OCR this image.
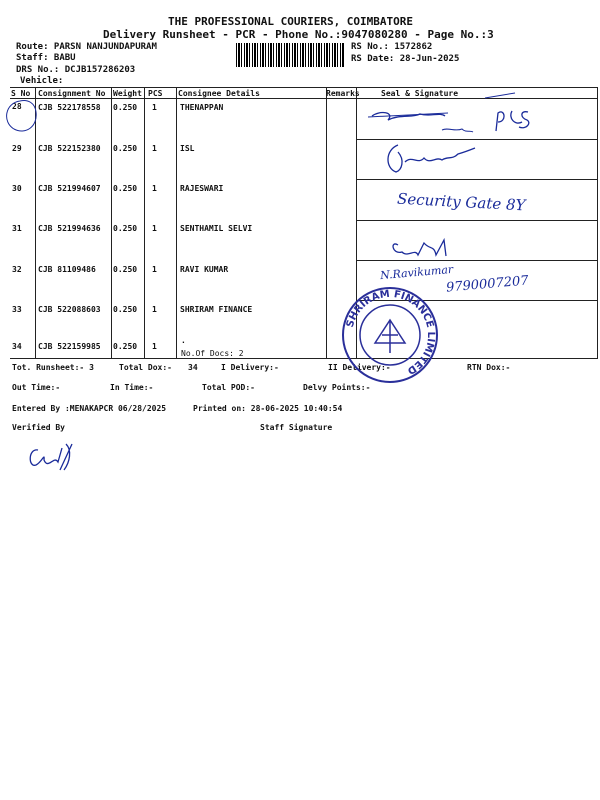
THE PROFESSIONAL COURIERS, COIMBATORE
Delivery Runsheet - PCR - Phone No.:9047080280 - Page No.:3
Route: PARSN NANJUNDAPURAM
Staff: BABU
DRS No.: DCJB157286203
Vehicle:
RS No.: 1572862
RS Date: 28-Jun-2025
S No Consignment No Weight PCS Consignee Details	Remarks	Seal & Signature
28 CJB 522178558 0.250 1	THENAPPAN
29 CJB 522152380 0.250 1	ISL
30 CJB 521994607 0.250 1	RAJESWARI
31 CJB 521994636 0.250 1	SENTHAMIL SELVI
32 CJB 81109486 0.250 1	RAVI KUMAR
33 CJB 522088603 0.250 1	SHRIRAM FINANCE
34 CJB 522159985 0.250 1
.
No.Of Docs: 2
Tot. Runsheet:- 3	Total Dox:- 34	I Delivery:-	II Delivery:-	RTN Dox:-
Out Time:-	In Time:-	Total POD:-	Delvy Points:-
Entered By :MENAKAPCR 06/28/2025	Printed on: 28-06-2025 10:40:54
Verified By	Staff Signature
Security Gate 8Y
N.Ravikumar
9790007207
SHRIRAM FINANCE LIMITED
